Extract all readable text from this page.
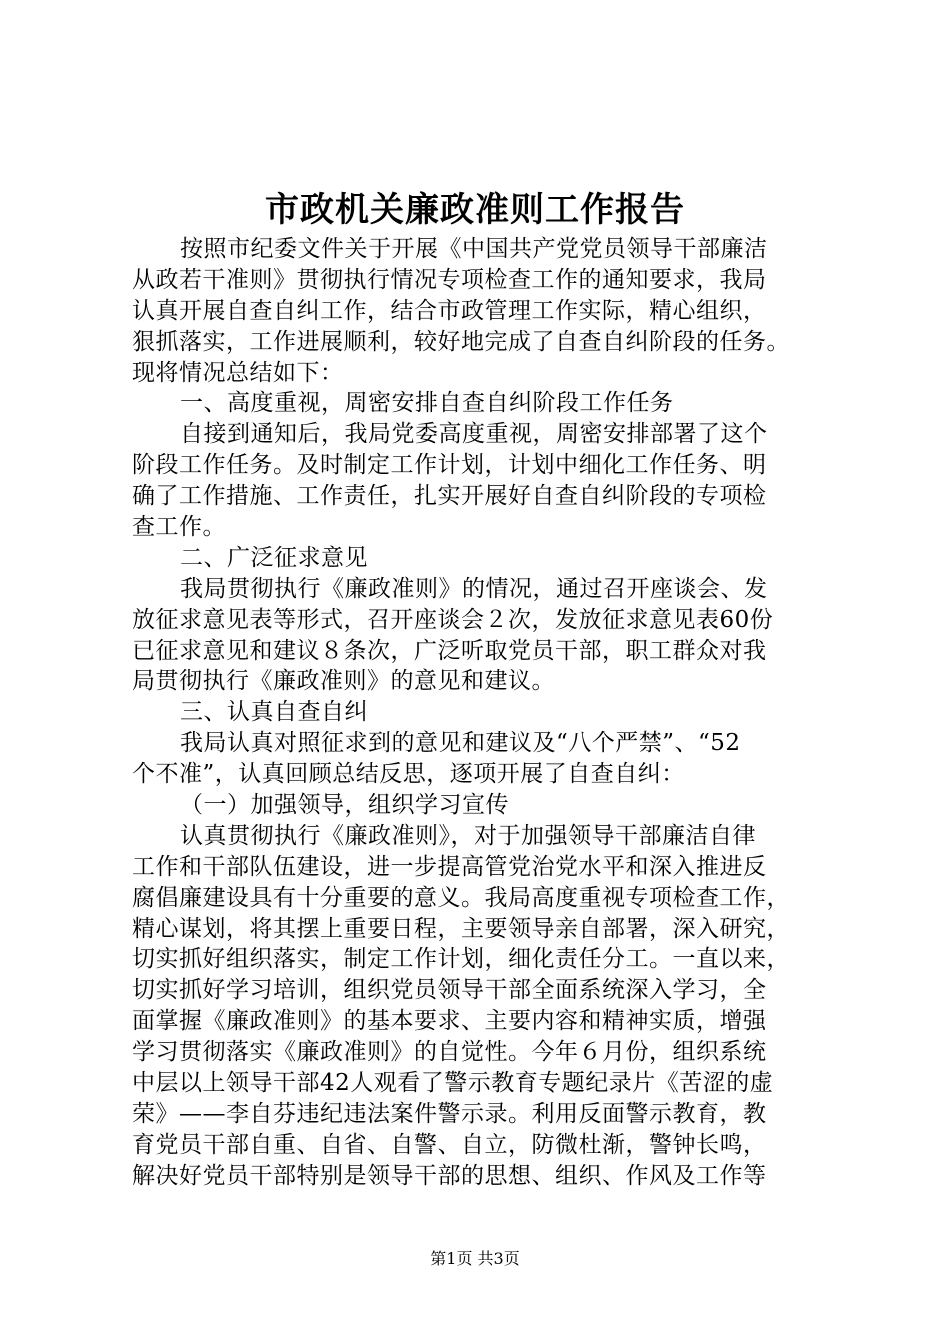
市政机关廉政准则工作报告
按照市纪委文件关于开展《中国共产党党员领导干部廉洁
从政若干准则》贯彻执行情况专项检查工作的通知要求，我局
认真开展自查自纠工作，结合市政管理工作实际，精心组织，
狠抓落实，工作进展顺利，较好地完成了自查自纠阶段的任务。
现将情况总结如下：
一、高度重视，周密安排自查自纠阶段工作任务
自接到通知后，我局党委高度重视，周密安排部署了这个
阶段工作任务。及时制定工作计划，计划中细化工作任务、明
确了工作措施、工作责任，扎实开展好自查自纠阶段的专项检
查工作。
二、广泛征求意见
我局贯彻执行《廉政准则》的情况，通过召开座谈会、发
放征求意见表等形式，召开座谈会２次，发放征求意见表60份
已征求意见和建议８条次，广泛听取党员干部，职工群众对我
局贯彻执行《廉政准则》的意见和建议。
三、认真自查自纠
我局认真对照征求到的意见和建议及“八个严禁”、“52
个不准”，认真回顾总结反思，逐项开展了自查自纠：
（一）加强领导，组织学习宣传
认真贯彻执行《廉政准则》，对于加强领导干部廉洁自律
工作和干部队伍建设，进一步提高管党治党水平和深入推进反
腐倡廉建设具有十分重要的意义。我局高度重视专项检查工作，
精心谋划，将其摆上重要日程，主要领导亲自部署，深入研究，
切实抓好组织落实，制定工作计划，细化责任分工。一直以来，
切实抓好学习培训，组织党员领导干部全面系统深入学习，全
面掌握《廉政准则》的基本要求、主要内容和精神实质，增强
学习贯彻落实《廉政准则》的自觉性。今年６月份，组织系统
中层以上领导干部42人观看了警示教育专题纪录片《苦涩的虚
荣》——李自芬违纪违法案件警示录。利用反面警示教育，教
育党员干部自重、自省、自警、自立，防微杜渐，警钟长鸣，
解决好党员干部特别是领导干部的思想、组织、作风及工作等
第1页 共3页
